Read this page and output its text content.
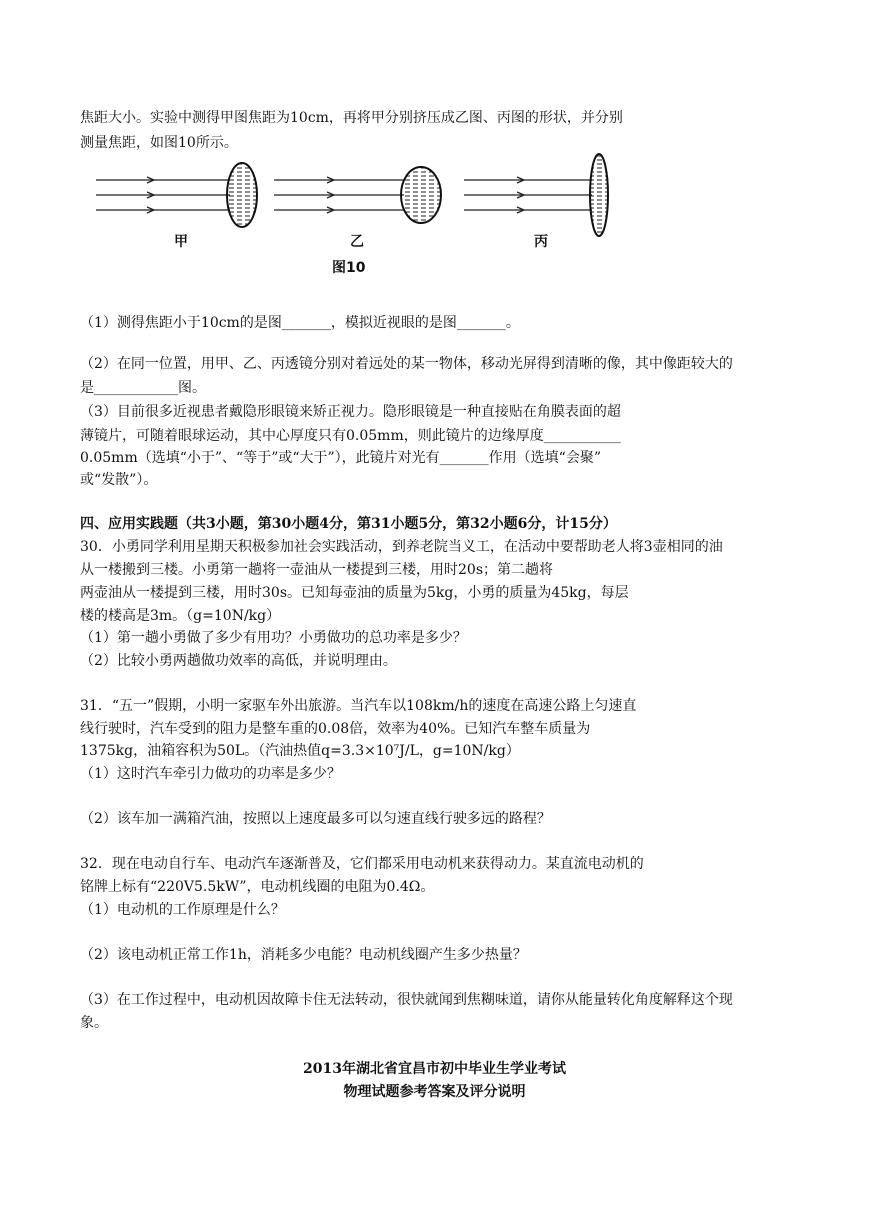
焦距大小。实验中测得甲图焦距为10cm，再将甲分别挤压成乙图、丙图的形状，并分别
测量焦距，如图10所示。
甲	乙	丙
图10
（1）测得焦距小于10cm的是图_______，模拟近视眼的是图_______。
（2）在同一位置，用甲、乙、丙透镜分别对着远处的某一物体，移动光屏得到清晰的像，其中像距较大的
是____________图。
（3）目前很多近视患者戴隐形眼镜来矫正视力。隐形眼镜是一种直接贴在角膜表面的超
薄镜片，可随着眼球运动，其中心厚度只有0.05mm，则此镜片的边缘厚度___________
0.05mm（选填“小于”、“等于”或“大于”），此镜片对光有_______作用（选填“会聚”
或“发散”）。
四、应用实践题（共3小题，第30小题4分，第31小题5分，第32小题6分，计15分）
30．小勇同学利用星期天积极参加社会实践活动，到养老院当义工，在活动中要帮助老人将3壶相同的油
从一楼搬到三楼。小勇第一趟将一壶油从一楼提到三楼，用时20s；第二趟将
两壶油从一楼提到三楼，用时30s。已知每壶油的质量为5kg，小勇的质量为45kg，每层
楼的楼高是3m。（g=10N/kg）
（1）第一趟小勇做了多少有用功？小勇做功的总功率是多少？
（2）比较小勇两趟做功效率的高低，并说明理由。
31．“五一”假期，小明一家驱车外出旅游。当汽车以108km/h的速度在高速公路上匀速直
线行驶时，汽车受到的阻力是整车重的0.08倍，效率为40%。已知汽车整车质量为
1375kg，油箱容积为50L。（汽油热值q=3.3×10⁷J/L，g=10N/kg）
（1）这时汽车牵引力做功的功率是多少？
（2）该车加一满箱汽油，按照以上速度最多可以匀速直线行驶多远的路程？
32．现在电动自行车、电动汽车逐渐普及，它们都采用电动机来获得动力。某直流电动机的
铭牌上标有“220V5.5kW”，电动机线圈的电阻为0.4Ω。
（1）电动机的工作原理是什么？
（2）该电动机正常工作1h，消耗多少电能？电动机线圈产生多少热量？
（3）在工作过程中，电动机因故障卡住无法转动，很快就闻到焦糊味道，请你从能量转化角度解释这个现
象。
2013年湖北省宜昌市初中毕业生学业考试
物理试题参考答案及评分说明
